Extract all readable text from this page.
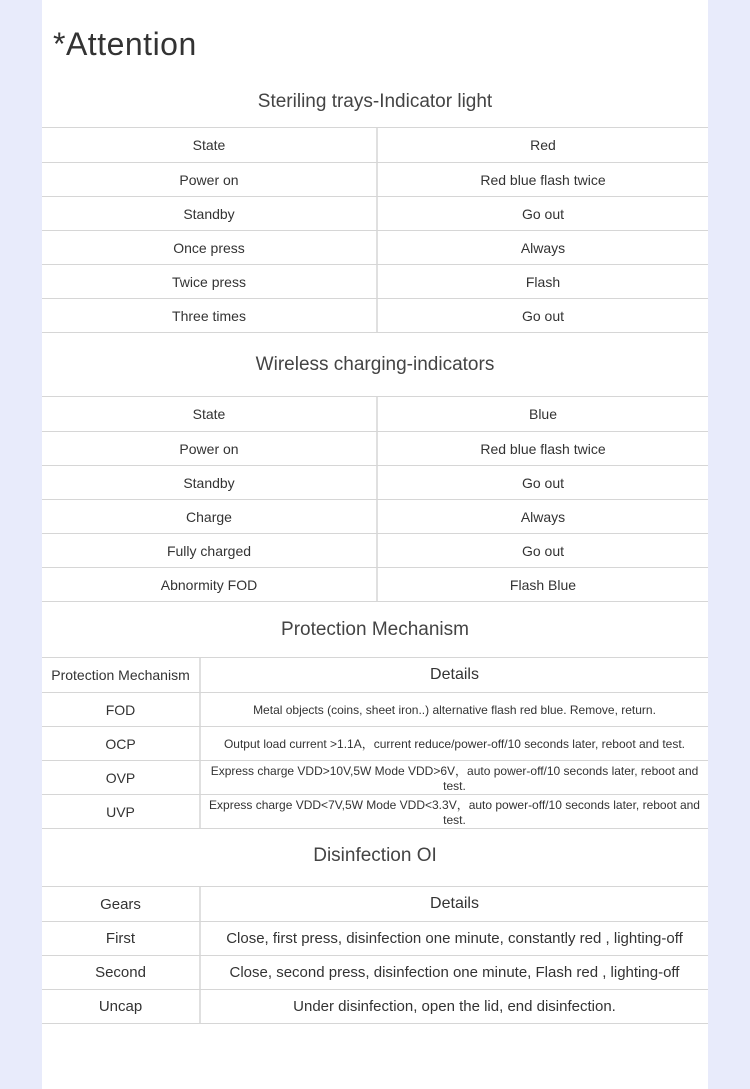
*Attention
Steriling trays-Indicator light
State	Red
Power on	Red blue flash twice
Standby	Go out
Once press	Always
Twice press	Flash
Three times	Go out
Wireless charging-indicators
State	Blue
Power on	Red blue flash twice
Standby	Go out
Charge	Always
Fully charged	Go out
Abnormity FOD	Flash Blue
Protection Mechanism
Protection Mechanism	Details
FOD	Metal objects (coins, sheet iron..) alternative flash red blue. Remove, return.
OCP	Output load current >1.1A，current reduce/power-off/10 seconds later, reboot and test.
OVP	Express charge VDD>10V,5W Mode VDD>6V，auto power-off/10 seconds later, reboot and test.
UVP	Express charge VDD<7V,5W Mode VDD<3.3V，auto power-off/10 seconds later, reboot and test.
Disinfection OI
Gears	Details
First	Close, first press, disinfection one minute, constantly red , lighting-off
Second	Close, second press, disinfection one minute, Flash red , lighting-off
Uncap	Under disinfection, open the lid, end disinfection.
